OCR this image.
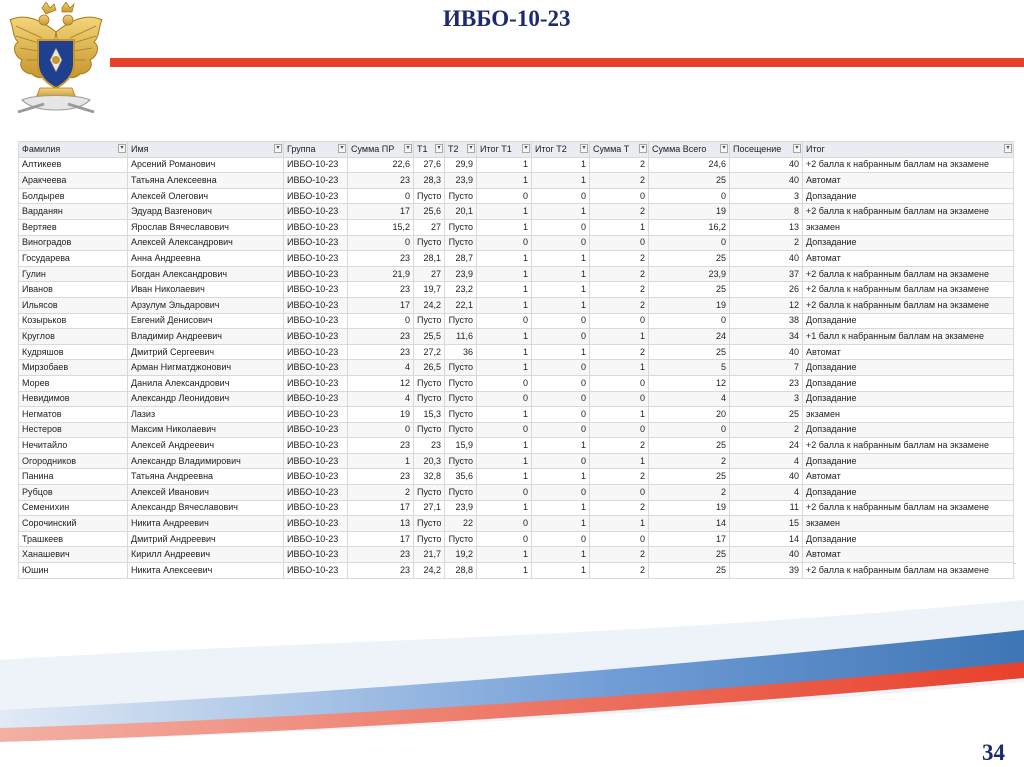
ИВБО-10-23
Фамилия ▾	Имя ▾	Группа ▾	Сумма ПР ▾	Т1 ▾	Т2 ▾	Итог Т1 ▾	Итог Т2 ▾	Сумма Т ▾	Сумма Всего ▾	Посещение ▾	Итог ▾

Алтикеев	Арсений Романович	ИВБО-10-23	22,6	27,6	29,9	1	1	2	24,6	40	+2 балла к набранным баллам на экзамене
Аракчеева	Татьяна Алексеевна	ИВБО-10-23	23	28,3	23,9	1	1	2	25	40	Автомат
Болдырев	Алексей Олегович	ИВБО-10-23	0	Пусто	Пусто	0	0	0	0	3	Допзадание
Варданян	Эдуард Вазгенович	ИВБО-10-23	17	25,6	20,1	1	1	2	19	8	+2 балла к набранным баллам на экзамене
Вертяев	Ярослав Вячеславович	ИВБО-10-23	15,2	27	Пусто	1	0	1	16,2	13	экзамен
Виноградов	Алексей Александрович	ИВБО-10-23	0	Пусто	Пусто	0	0	0	0	2	Допзадание
Государева	Анна Андреевна	ИВБО-10-23	23	28,1	28,7	1	1	2	25	40	Автомат
Гулин	Богдан Александрович	ИВБО-10-23	21,9	27	23,9	1	1	2	23,9	37	+2 балла к набранным баллам на экзамене
Иванов	Иван Николаевич	ИВБО-10-23	23	19,7	23,2	1	1	2	25	26	+2 балла к набранным баллам на экзамене
Ильясов	Арзулум Эльдарович	ИВБО-10-23	17	24,2	22,1	1	1	2	19	12	+2 балла к набранным баллам на экзамене
Козырьков	Евгений Денисович	ИВБО-10-23	0	Пусто	Пусто	0	0	0	0	38	Допзадание
Круглов	Владимир Андреевич	ИВБО-10-23	23	25,5	11,6	1	0	1	24	34	+1 балл к набранным баллам на экзамене
Кудряшов	Дмитрий Сергеевич	ИВБО-10-23	23	27,2	36	1	1	2	25	40	Автомат
Мирзобаев	Арман Нигматджонович	ИВБО-10-23	4	26,5	Пусто	1	0	1	5	7	Допзадание
Морев	Данила Александрович	ИВБО-10-23	12	Пусто	Пусто	0	0	0	12	23	Допзадание
Невидимов	Александр Леонидович	ИВБО-10-23	4	Пусто	Пусто	0	0	0	4	3	Допзадание
Негматов	Лазиз	ИВБО-10-23	19	15,3	Пусто	1	0	1	20	25	экзамен
Нестеров	Максим Николаевич	ИВБО-10-23	0	Пусто	Пусто	0	0	0	0	2	Допзадание
Нечитайло	Алексей Андреевич	ИВБО-10-23	23	23	15,9	1	1	2	25	24	+2 балла к набранным баллам на экзамене
Огородников	Александр Владимирович	ИВБО-10-23	1	20,3	Пусто	1	0	1	2	4	Допзадание
Панина	Татьяна Андреевна	ИВБО-10-23	23	32,8	35,6	1	1	2	25	40	Автомат
Рубцов	Алексей Иванович	ИВБО-10-23	2	Пусто	Пусто	0	0	0	2	4	Допзадание
Семенихин	Александр Вячеславович	ИВБО-10-23	17	27,1	23,9	1	1	2	19	11	+2 балла к набранным баллам на экзамене
Сорочинский	Никита Андреевич	ИВБО-10-23	13	Пусто	22	0	1	1	14	15	экзамен
Трашкеев	Дмитрий Андреевич	ИВБО-10-23	17	Пусто	Пусто	0	0	0	17	14	Допзадание
Ханашевич	Кирилл Андреевич	ИВБО-10-23	23	21,7	19,2	1	1	2	25	40	Автомат
Юшин	Никита Алексеевич	ИВБО-10-23	23	24,2	28,8	1	1	2	25	39	+2 балла к набранным баллам на экзамене
34
